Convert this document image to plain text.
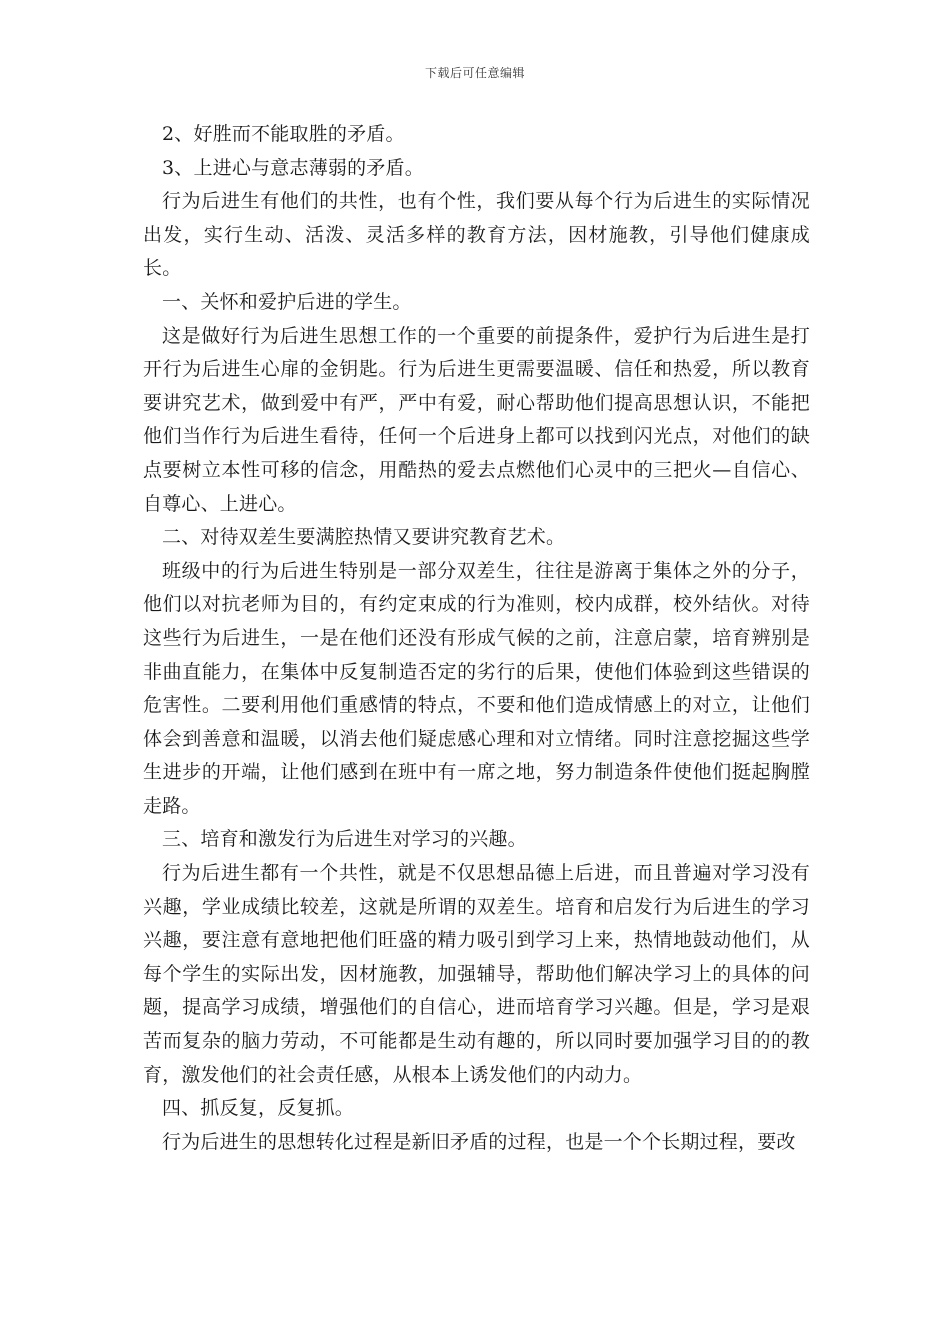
下载后可任意编辑

2、好胜而不能取胜的矛盾。

3、上进心与意志薄弱的矛盾。

行为后进生有他们的共性，也有个性，我们要从每个行为后进生的实际情况出发，实行生动、活泼、灵活多样的教育方法，因材施教，引导他们健康成长。

一、关怀和爱护后进的学生。

这是做好行为后进生思想工作的一个重要的前提条件，爱护行为后进生是打开行为后进生心扉的金钥匙。行为后进生更需要温暖、信任和热爱，所以教育要讲究艺术，做到爱中有严，严中有爱，耐心帮助他们提高思想认识，不能把他们当作行为后进生看待，任何一个后进身上都可以找到闪光点，对他们的缺点要树立本性可移的信念，用酷热的爱去点燃他们心灵中的三把火—自信心、自尊心、上进心。

二、对待双差生要满腔热情又要讲究教育艺术。

班级中的行为后进生特别是一部分双差生，往往是游离于集体之外的分子，他们以对抗老师为目的，有约定束成的行为准则，校内成群，校外结伙。对待这些行为后进生，一是在他们还没有形成气候的之前，注意启蒙，培育辨别是非曲直能力，在集体中反复制造否定的劣行的后果，使他们体验到这些错误的危害性。二要利用他们重感情的特点，不要和他们造成情感上的对立，让他们体会到善意和温暖，以消去他们疑虑感心理和对立情绪。同时注意挖掘这些学生进步的开端，让他们感到在班中有一席之地，努力制造条件使他们挺起胸膛走路。

三、培育和激发行为后进生对学习的兴趣。

行为后进生都有一个共性，就是不仅思想品德上后进，而且普遍对学习没有兴趣，学业成绩比较差，这就是所谓的双差生。培育和启发行为后进生的学习兴趣，要注意有意地把他们旺盛的精力吸引到学习上来，热情地鼓动他们，从每个学生的实际出发，因材施教，加强辅导，帮助他们解决学习上的具体的问题，提高学习成绩，增强他们的自信心，进而培育学习兴趣。但是，学习是艰苦而复杂的脑力劳动，不可能都是生动有趣的，所以同时要加强学习目的的教育，激发他们的社会责任感，从根本上诱发他们的内动力。

四、抓反复，反复抓。

行为后进生的思想转化过程是新旧矛盾的过程，也是一个个长期过程，要改
